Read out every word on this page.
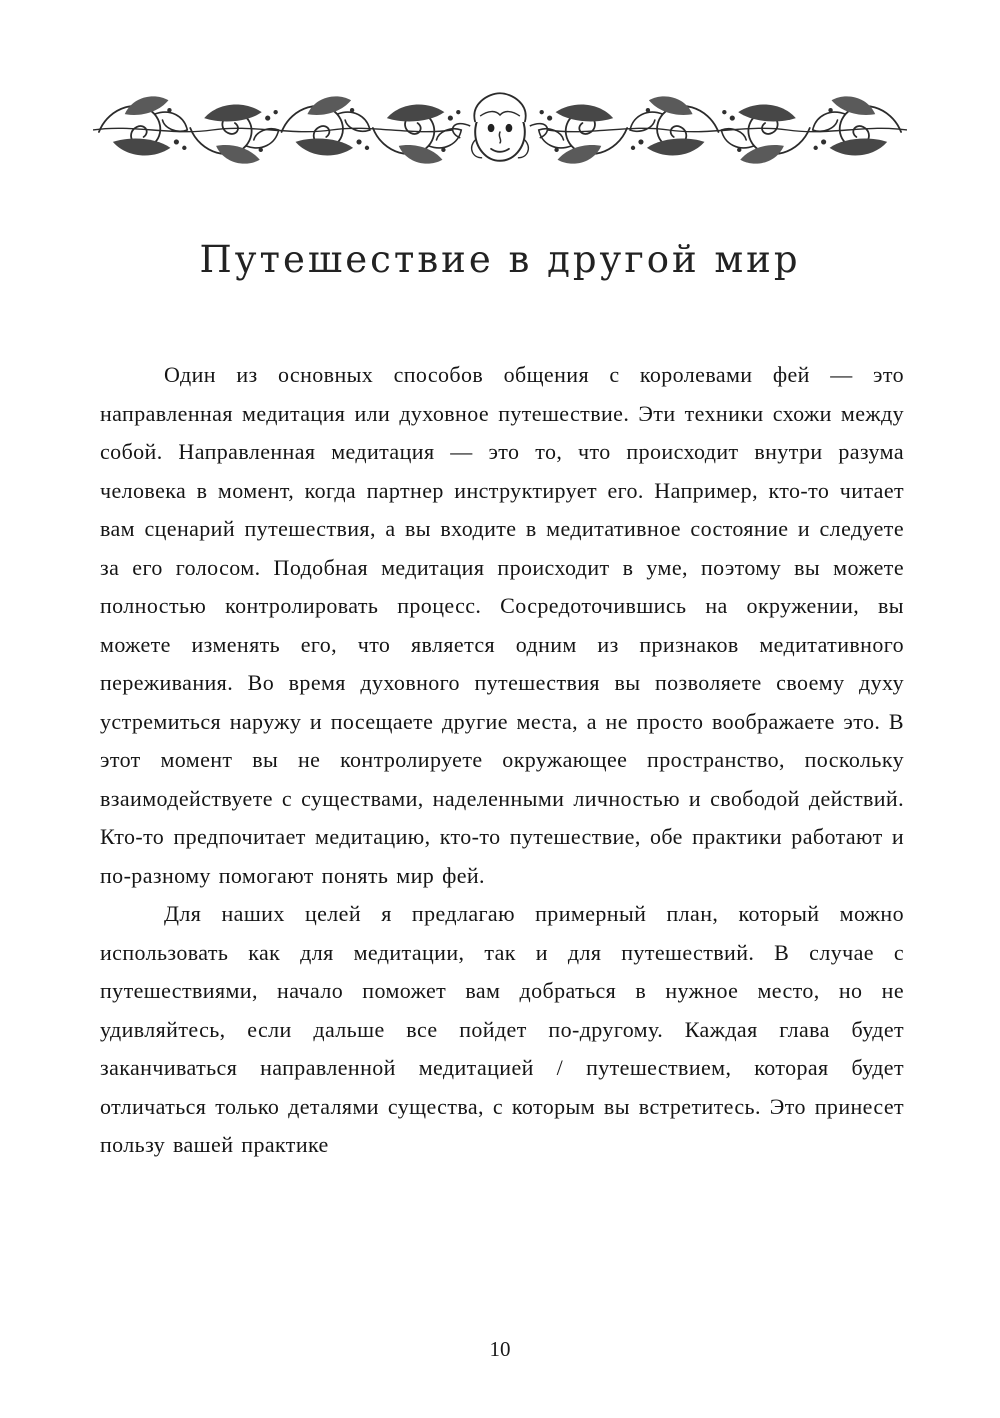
Путешествие в другой мир

Один из основных способов общения с королевами фей — это направленная медитация или духовное путешествие. Эти техники схожи между собой. Направленная медитация — это то, что происходит внутри разума человека в момент, когда партнер инструктирует его. Например, кто-то читает вам сценарий путешествия, а вы входите в медитативное состояние и следуете за его голосом. Подобная медитация происходит в уме, поэтому вы можете полностью контролировать процесс. Сосредоточившись на окружении, вы можете изменять его, что является одним из признаков медитативного переживания. Во время духовного путешествия вы позволяете своему духу устремиться наружу и посещаете другие места, а не просто воображаете это. В этот момент вы не контролируете окружающее пространство, поскольку взаимодействуете с существами, наделенными личностью и свободой действий. Кто-то предпочитает медитацию, кто-то путешествие, обе практики работают и по-разному помогают понять мир фей.

Для наших целей я предлагаю примерный план, который можно использовать как для медитации, так и для путешествий. В случае с путешествиями, начало поможет вам добраться в нужное место, но не удивляйтесь, если дальше все пойдет по-другому. Каждая глава будет заканчиваться направленной медитацией / путешествием, которая будет отличаться только деталями существа, с которым вы встретитесь. Это принесет пользу вашей практике

10
